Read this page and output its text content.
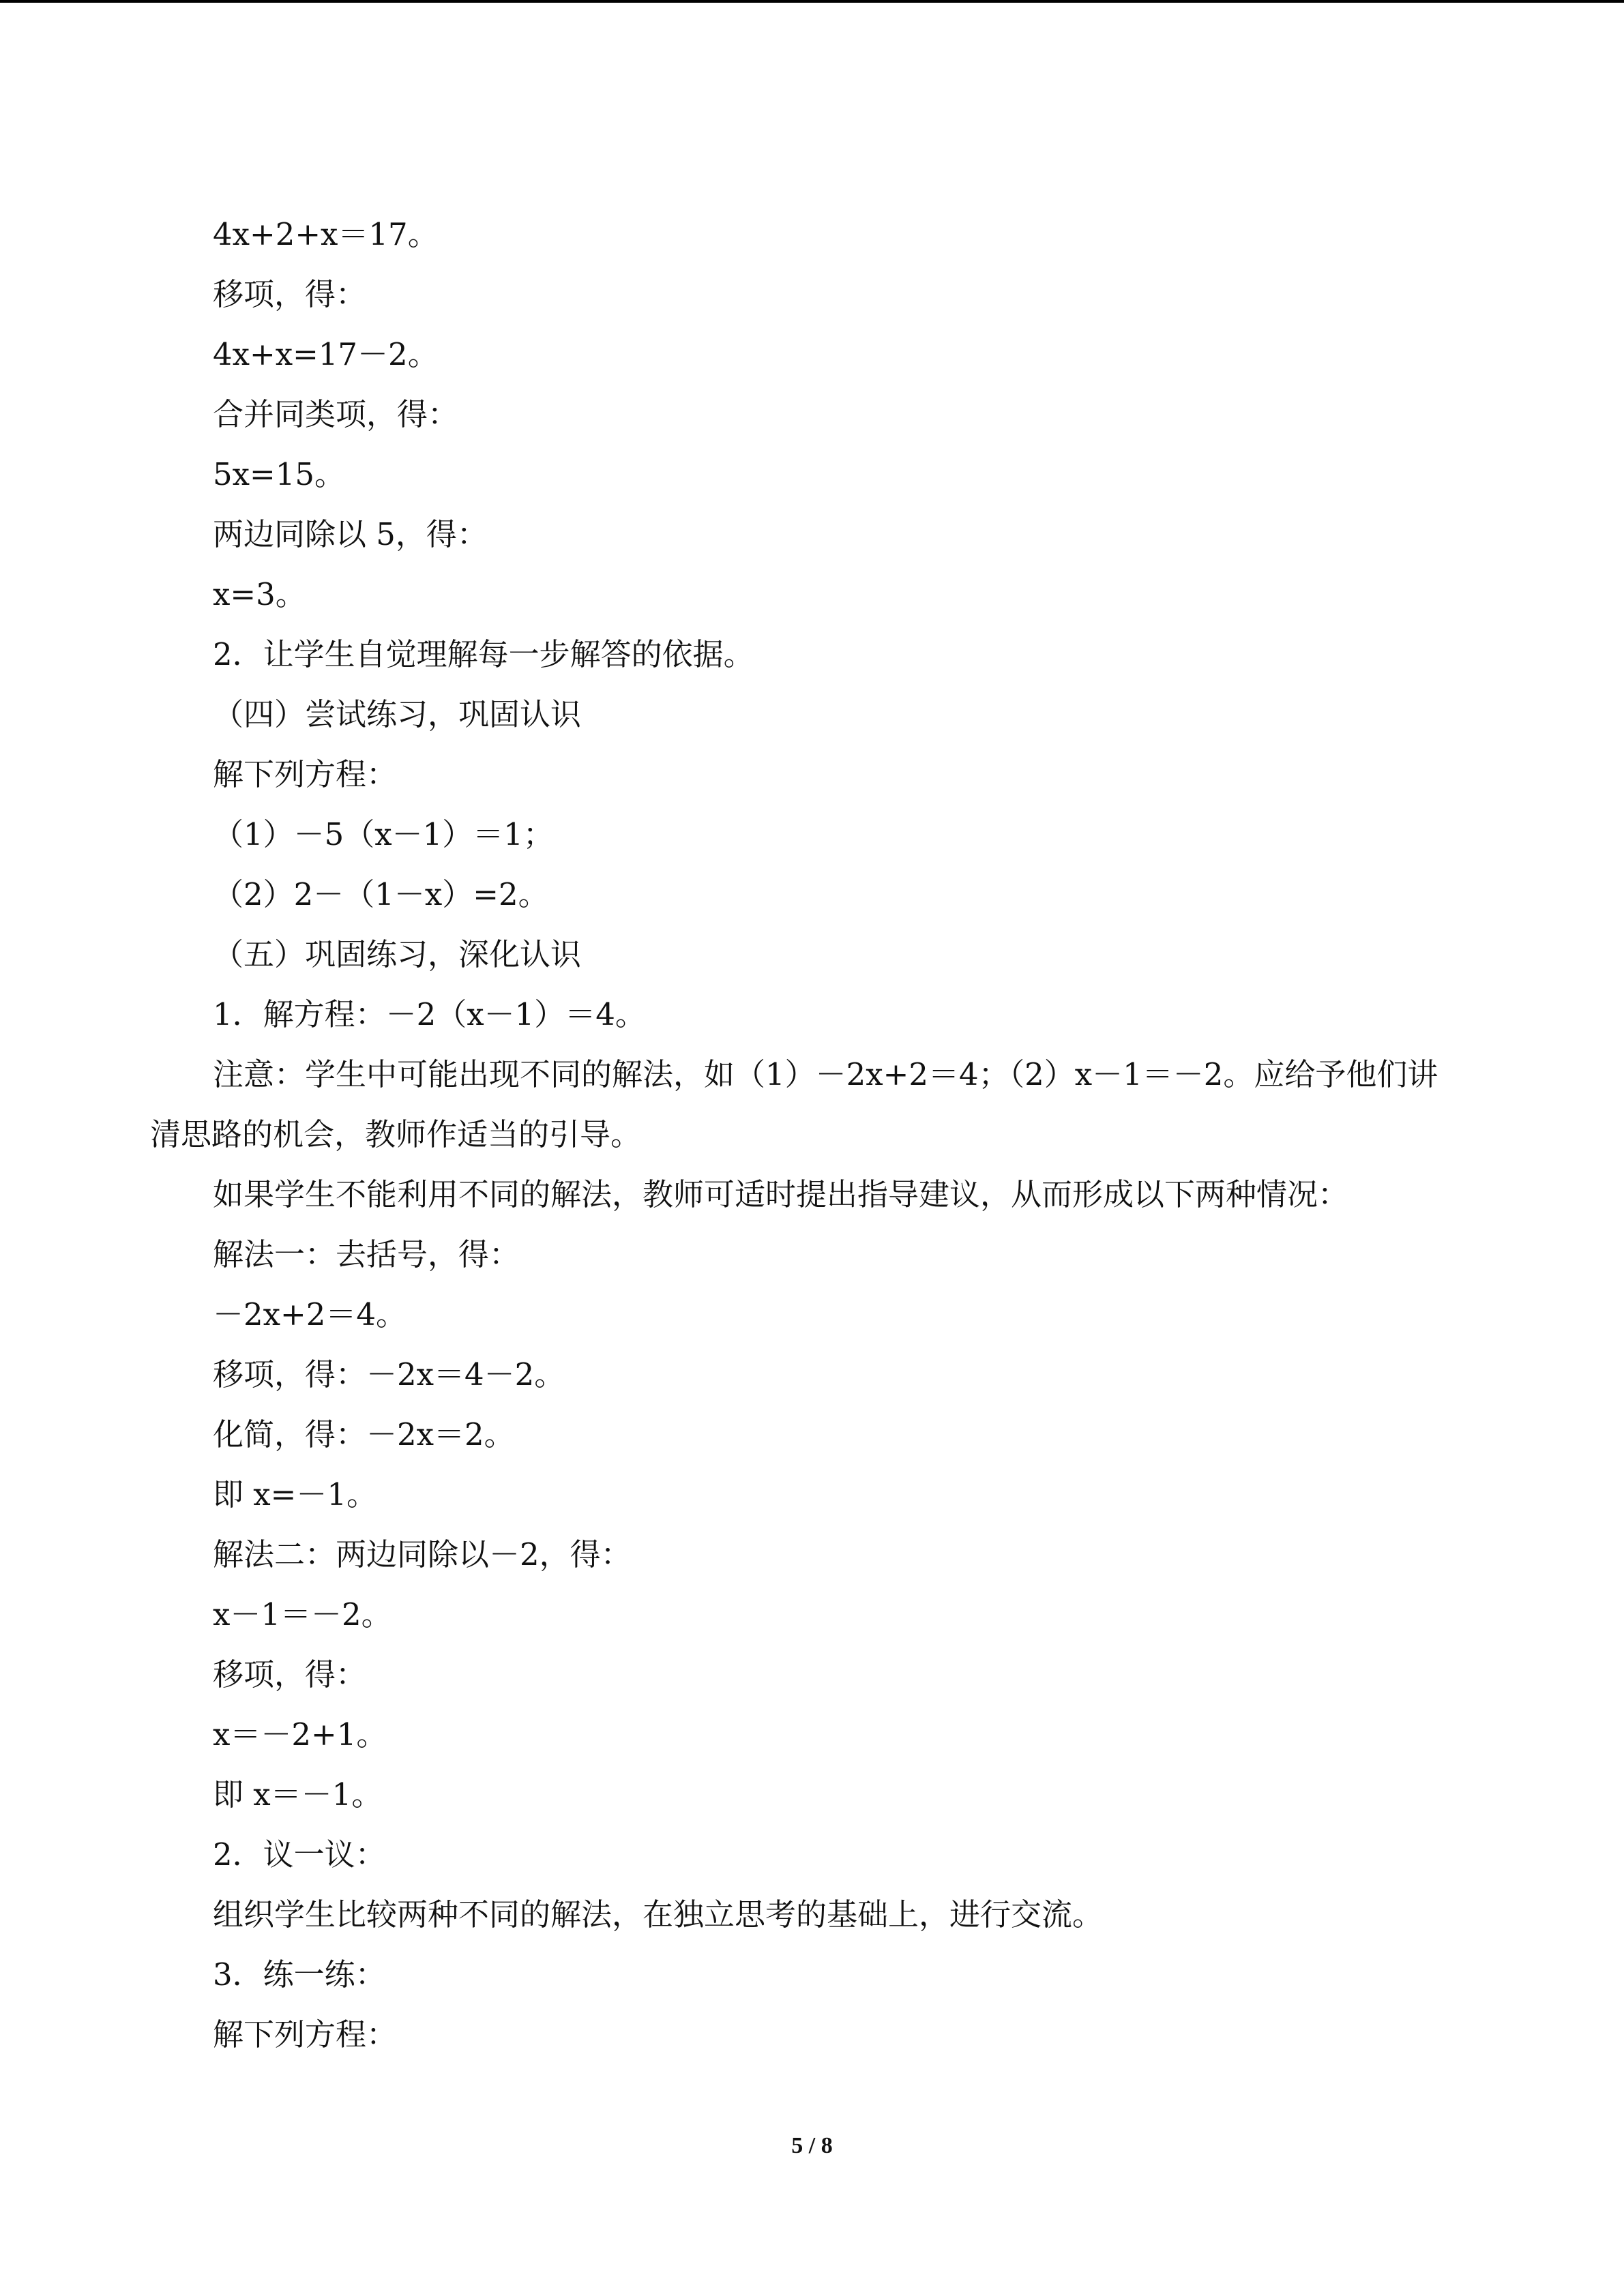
4x+2+x＝17。
移项，得：
4x+x=17－2。
合并同类项，得：
5x=15。
两边同除以 5，得：
x=3。
2．让学生自觉理解每一步解答的依据。
（四）尝试练习，巩固认识
解下列方程：
（1）－5（x－1）＝1；
（2）2－（1－x）=2。
（五）巩固练习，深化认识
1．解方程：－2（x－1）＝4。
注意：学生中可能出现不同的解法，如（1）－2x+2＝4；（2）x－1＝－2。应给予他们讲清思路的机会，教师作适当的引导。
如果学生不能利用不同的解法，教师可适时提出指导建议，从而形成以下两种情况：
解法一：去括号，得：
－2x+2＝4。
移项，得：－2x＝4－2。
化简，得：－2x＝2。
即 x=－1。
解法二：两边同除以－2，得：
x－1＝－2。
移项，得：
x＝－2+1。
即 x＝－1。
2．议一议：
组织学生比较两种不同的解法，在独立思考的基础上，进行交流。
3．练一练：
解下列方程：
5 / 8
